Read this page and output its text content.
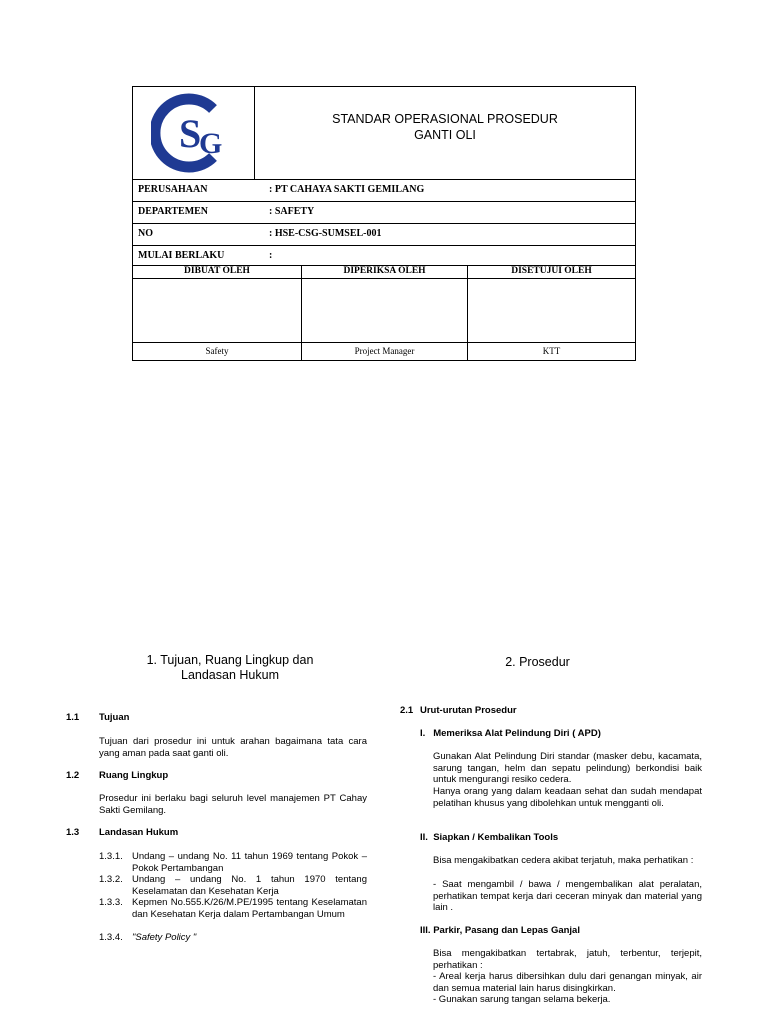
S
G
STANDAR OPERASIONAL PROSEDUR
GANTI OLI
PERUSAHAAN	: PT CAHAYA SAKTI GEMILANG
DEPARTEMEN	: SAFETY
NO	: HSE-CSG-SUMSEL-001
MULAI BERLAKU	:
DIBUAT OLEH	DIPERIKSA OLEH	DISETUJUI OLEH
Safety	Project Manager	KTT
1. Tujuan, Ruang Lingkup dan
Landasan Hukum
1.1 Tujuan
Tujuan dari prosedur ini untuk arahan bagaimana tata cara yang aman pada saat ganti oli.
1.2 Ruang Lingkup
Prosedur ini berlaku bagi seluruh level manajemen PT Cahay Sakti Gemilang.
1.3 Landasan Hukum
1.3.1. Undang – undang No. 11 tahun 1969 tentang Pokok – Pokok Pertambangan
1.3.2. Undang – undang No. 1 tahun 1970 tentang Keselamatan dan Kesehatan Kerja
1.3.3. Kepmen No.555.K/26/M.PE/1995 tentang Keselamatan dan Kesehatan Kerja dalam Pertambangan Umum
1.3.4. "Safety Policy "
2. Prosedur
2.1 Urut-urutan Prosedur
I.   Memeriksa Alat Pelindung Diri ( APD)
Gunakan Alat Pelindung Diri standar (masker debu, kacamata, sarung tangan, helm dan sepatu pelindung) berkondisi baik untuk mengurangi resiko cedera.
Hanya orang yang dalam keadaan sehat dan sudah mendapat pelatihan khusus yang dibolehkan untuk mengganti oli.
II.  Siapkan / Kembalikan Tools
Bisa mengakibatkan cedera akibat terjatuh, maka perhatikan :
- Saat mengambil / bawa / mengembalikan alat peralatan, perhatikan tempat kerja dari ceceran minyak dan material yang lain .
III. Parkir, Pasang dan Lepas Ganjal
Bisa mengakibatkan tertabrak, jatuh, terbentur, terjepit, perhatikan :
- Areal kerja harus dibersihkan dulu dari genangan minyak, air dan semua material lain harus disingkirkan.
- Gunakan sarung tangan selama bekerja.
